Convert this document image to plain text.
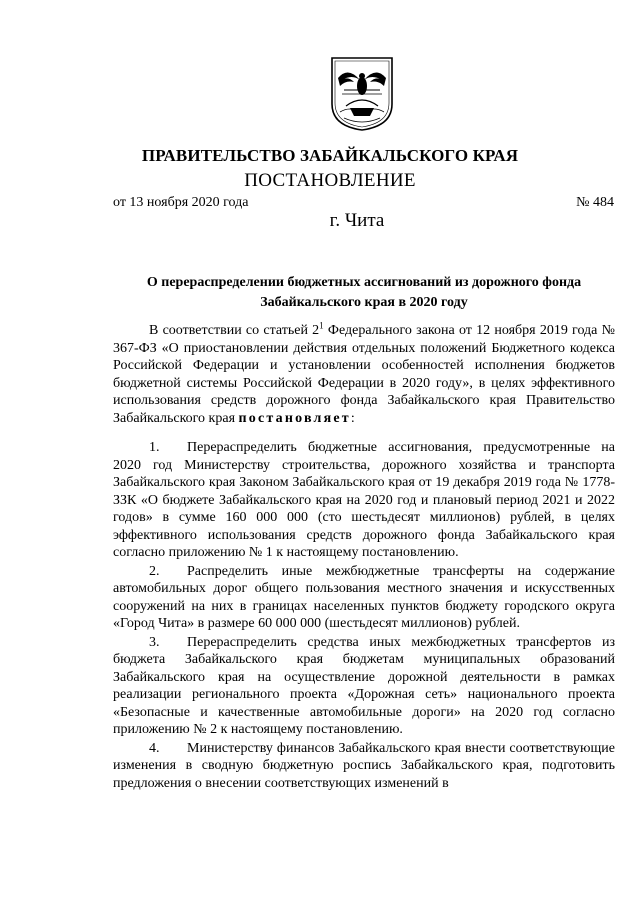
ПРАВИТЕЛЬСТВО ЗАБАЙКАЛЬСКОГО КРАЯ
ПОСТАНОВЛЕНИЕ
от 13 ноября 2020 года	№ 484
г. Чита
О перераспределении бюджетных ассигнований из дорожного фонда
Забайкальского края в 2020 году

В соответствии со статьей $2^1$ Федерального закона от 12 ноября 2019 года № 367-ФЗ «О приостановлении действия отдельных положений Бюджетного кодекса Российской Федерации и установлении особенностей исполнения бюджетов бюджетной системы Российской Федерации в 2020 году», в целях эффективного использования средств дорожного фонда Забайкальского края Правительство Забайкальского края постановляет:

1. Перераспределить бюджетные ассигнования, предусмотренные на 2020 год Министерству строительства, дорожного хозяйства и транспорта Забайкальского края Законом Забайкальского края от 19 декабря 2019 года № 1778-ЗЗК «О бюджете Забайкальского края на 2020 год и плановый период 2021 и 2022 годов» в сумме 160 000 000 (сто шестьдесят миллионов) рублей, в целях эффективного использования средств дорожного фонда Забайкальского края согласно приложению № 1 к настоящему постановлению.

2. Распределить иные межбюджетные трансферты на содержание автомобильных дорог общего пользования местного значения и искусственных сооружений на них в границах населенных пунктов бюджету городского округа «Город Чита» в размере 60 000 000 (шестьдесят миллионов) рублей.

3. Перераспределить средства иных межбюджетных трансфертов из бюджета Забайкальского края бюджетам муниципальных образований Забайкальского края на осуществление дорожной деятельности в рамках реализации регионального проекта «Дорожная сеть» национального проекта «Безопасные и качественные автомобильные дороги» на 2020 год согласно приложению № 2 к настоящему постановлению.

4. Министерству финансов Забайкальского края внести соответствующие изменения в сводную бюджетную роспись Забайкальского края, подготовить предложения о внесении соответствующих изменений в
